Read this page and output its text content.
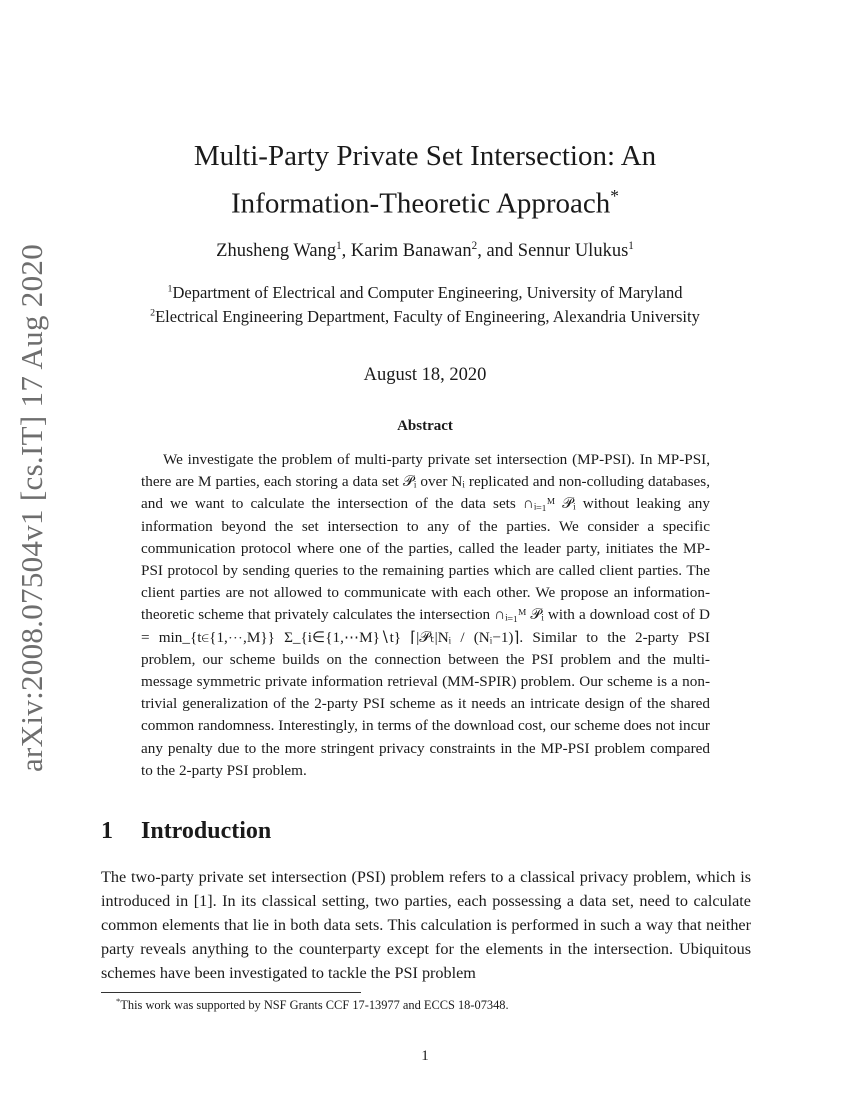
arXiv:2008.07504v1 [cs.IT] 17 Aug 2020
Multi-Party Private Set Intersection: An
Information-Theoretic Approach*
Zhusheng Wang$^1$, Karim Banawan$^2$, and Sennur Ulukus$^1$
$^1$Department of Electrical and Computer Engineering, University of Maryland
$^2$Electrical Engineering Department, Faculty of Engineering, Alexandria University
August 18, 2020
Abstract
We investigate the problem of multi-party private set intersection (MP-PSI). In MP-PSI, there are M parties, each storing a data set 𝒫ᵢ over Nᵢ replicated and non-colluding databases, and we want to calculate the intersection of the data sets ∩ᵢ₌₁ᴹ 𝒫ᵢ without leaking any information beyond the set intersection to any of the parties. We consider a specific communication protocol where one of the parties, called the leader party, initiates the MP-PSI protocol by sending queries to the remaining parties which are called client parties. The client parties are not allowed to communicate with each other. We propose an information-theoretic scheme that privately calculates the intersection ∩ᵢ₌₁ᴹ 𝒫ᵢ with a download cost of D = min_{t∈{1,⋯,M}} Σ_{i∈{1,⋯M}∖t} ⌈|𝒫ₜ|Nᵢ / (Nᵢ−1)⌉. Similar to the 2-party PSI problem, our scheme builds on the connection between the PSI problem and the multi-message symmetric private information retrieval (MM-SPIR) problem. Our scheme is a non-trivial generalization of the 2-party PSI scheme as it needs an intricate design of the shared common randomness. Interestingly, in terms of the download cost, our scheme does not incur any penalty due to the more stringent privacy constraints in the MP-PSI problem compared to the 2-party PSI problem.
1 Introduction
The two-party private set intersection (PSI) problem refers to a classical privacy problem, which is introduced in [1]. In its classical setting, two parties, each possessing a data set, need to calculate common elements that lie in both data sets. This calculation is performed in such a way that neither party reveals anything to the counterparty except for the elements in the intersection. Ubiquitous schemes have been investigated to tackle the PSI problem
*This work was supported by NSF Grants CCF 17-13977 and ECCS 18-07348.
1
